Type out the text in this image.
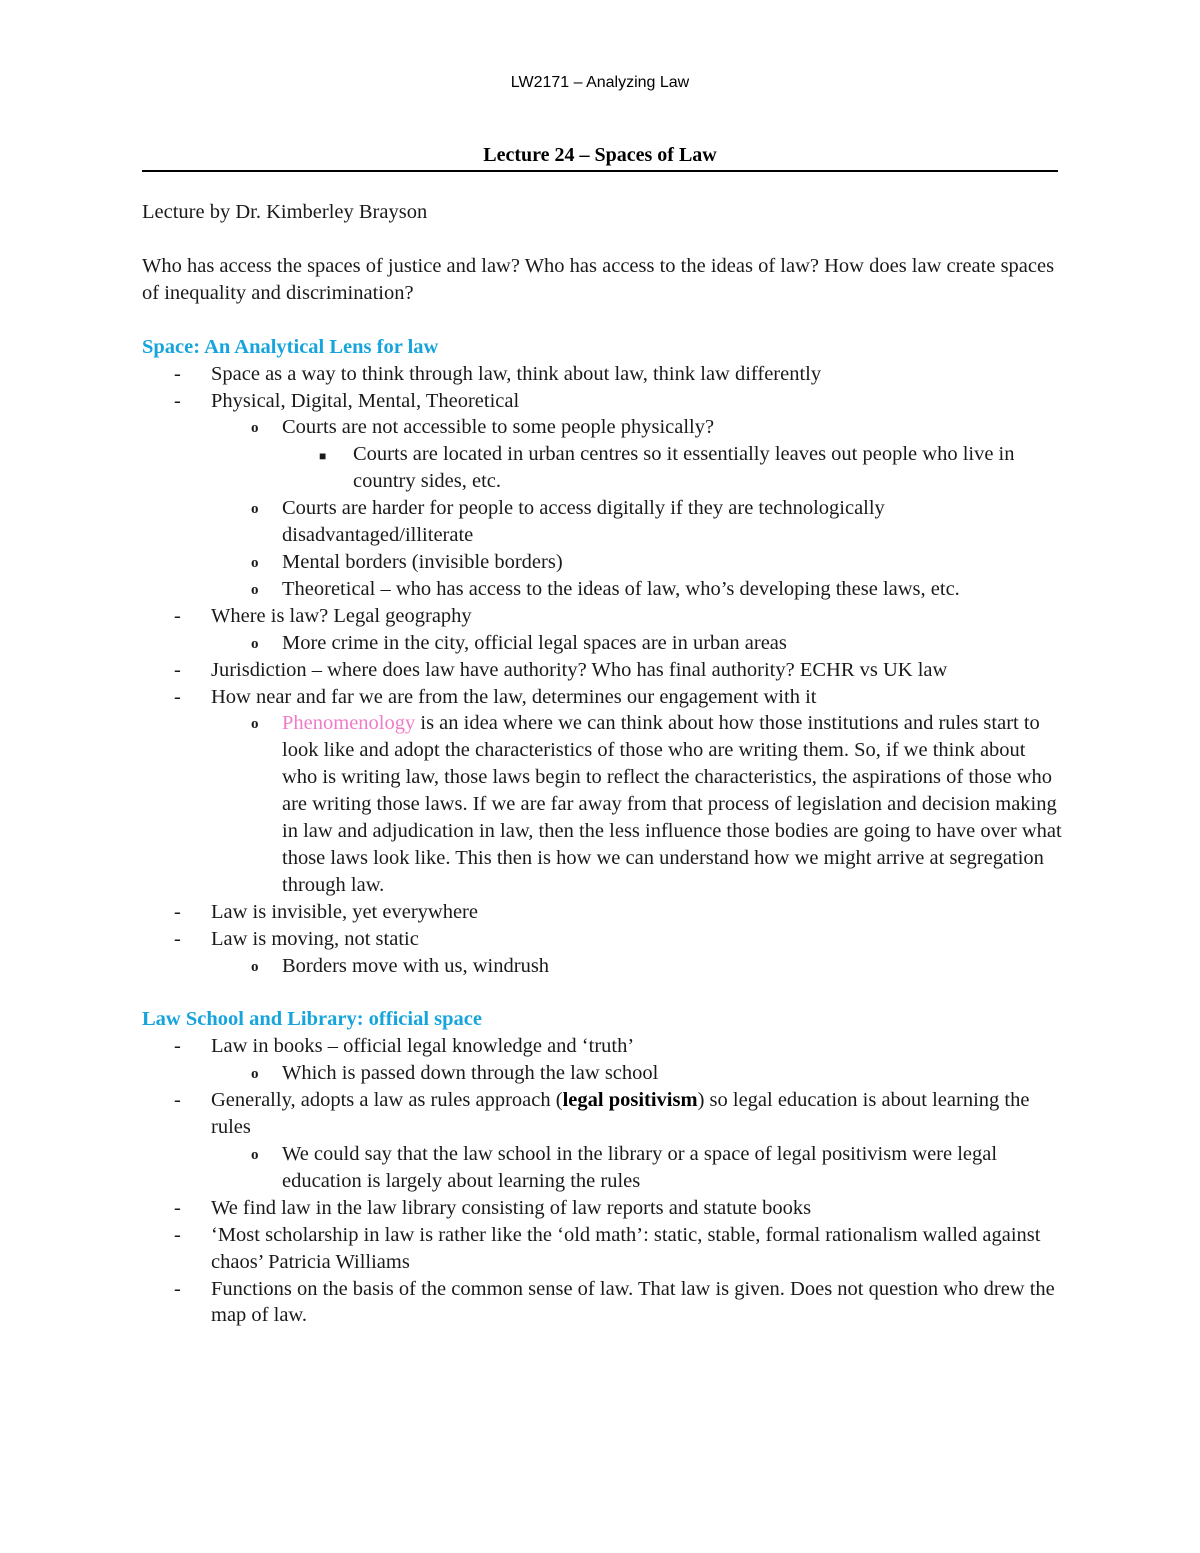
LW2171 – Analyzing Law
Lecture 24 – Spaces of Law

Lecture by Dr. Kimberley Brayson

Who has access the spaces of justice and law? Who has access to the ideas of law? How does law create spaces of inequality and discrimination?

Space: An Analytical Lens for law

- Space as a way to think through law, think about law, think law differently
- Physical, Digital, Mental, Theoretical
o Courts are not accessible to some people physically?
■ Courts are located in urban centres so it essentially leaves out people who live in country sides, etc.
o Courts are harder for people to access digitally if they are technologically disadvantaged/illiterate
o Mental borders (invisible borders)
o Theoretical – who has access to the ideas of law, who’s developing these laws, etc.
- Where is law? Legal geography
o More crime in the city, official legal spaces are in urban areas
- Jurisdiction – where does law have authority? Who has final authority? ECHR vs UK law
- How near and far we are from the law, determines our engagement with it
o Phenomenology is an idea where we can think about how those institutions and rules start to look like and adopt the characteristics of those who are writing them. So, if we think about who is writing law, those laws begin to reflect the characteristics, the aspirations of those who are writing those laws. If we are far away from that process of legislation and decision making in law and adjudication in law, then the less influence those bodies are going to have over what those laws look like. This then is how we can understand how we might arrive at segregation through law.
- Law is invisible, yet everywhere
- Law is moving, not static
o Borders move with us, windrush

Law School and Library: official space

- Law in books – official legal knowledge and ‘truth’
o Which is passed down through the law school
- Generally, adopts a law as rules approach (legal positivism) so legal education is about learning the rules
o We could say that the law school in the library or a space of legal positivism were legal education is largely about learning the rules
- We find law in the law library consisting of law reports and statute books
- ‘Most scholarship in law is rather like the ‘old math’: static, stable, formal rationalism walled against chaos’ Patricia Williams
- Functions on the basis of the common sense of law. That law is given. Does not question who drew the map of law.
